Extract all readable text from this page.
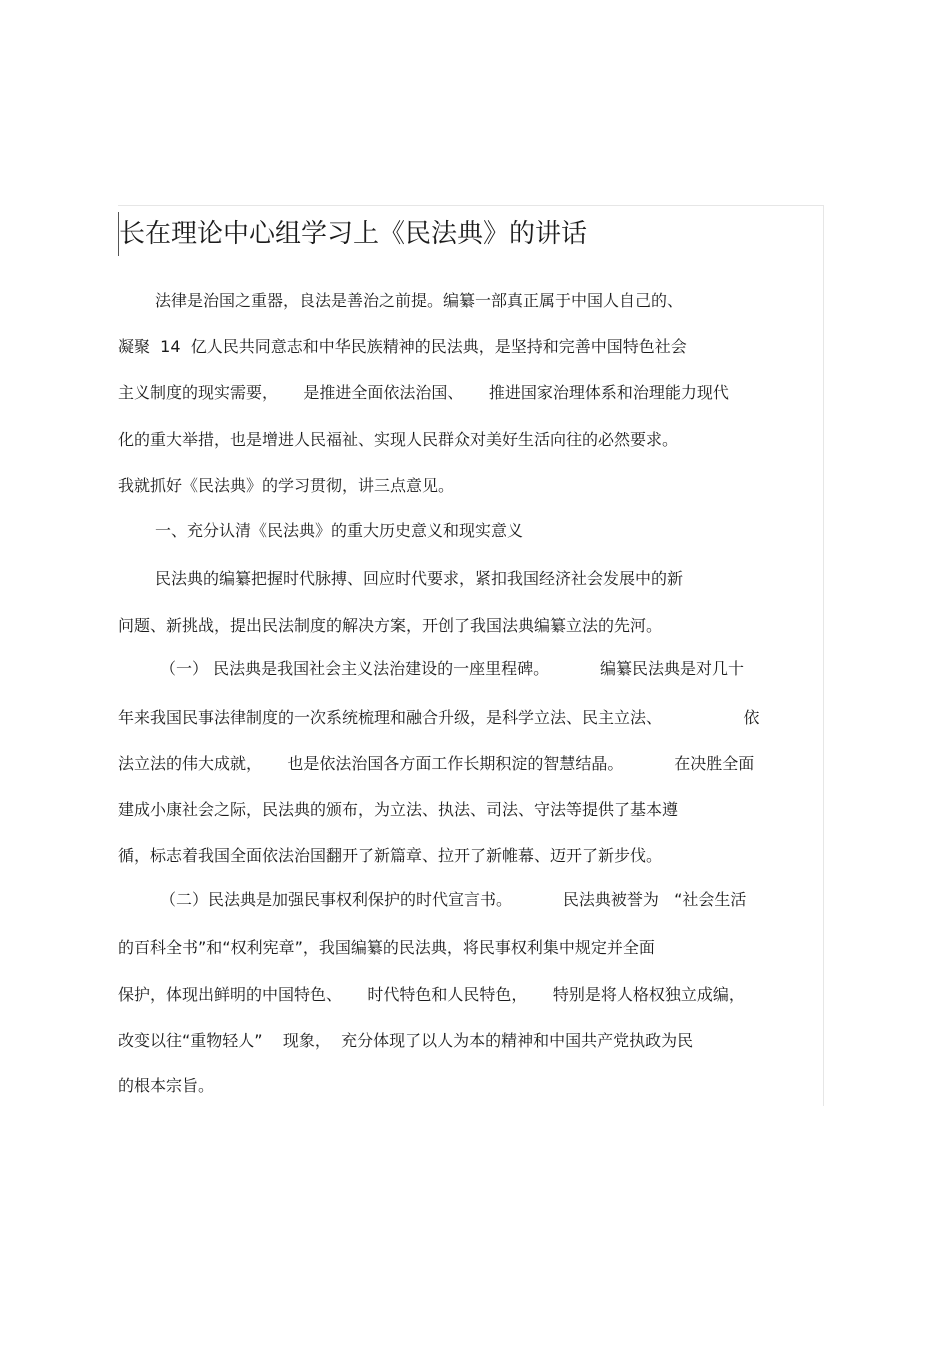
长在理论中心组学习上《民法典》的讲话

法律是治国之重器，良法是善治之前提。编纂一部真正属于中国人自己的、

凝聚  14  亿人民共同意志和中华民族精神的民法典，是坚持和完善中国特色社会

主义制度的现实需要，     是推进全面依法治国、     推进国家治理体系和治理能力现代

化的重大举措，也是增进人民福祉、实现人民群众对美好生活向往的必然要求。

我就抓好《民法典》的学习贯彻，讲三点意见。

一、充分认清《民法典》的重大历史意义和现实意义

民法典的编纂把握时代脉搏、回应时代要求，紧扣我国经济社会发展中的新

问题、新挑战，提出民法制度的解决方案，开创了我国法典编纂立法的先河。

（一） 民法典是我国社会主义法治建设的一座里程碑。          编纂民法典是对几十

年来我国民事法律制度的一次系统梳理和融合升级，是科学立法、民主立法、                依

法立法的伟大成就，     也是依法治国各方面工作长期积淀的智慧结晶。          在决胜全面

建成小康社会之际，民法典的颁布，为立法、执法、司法、守法等提供了基本遵

循，标志着我国全面依法治国翻开了新篇章、拉开了新帷幕、迈开了新步伐。

（二）民法典是加强民事权利保护的时代宣言书。          民法典被誉为   “社会生活

的百科全书”和“权利宪章”，我国编纂的民法典，将民事权利集中规定并全面

保护，体现出鲜明的中国特色、     时代特色和人民特色，     特别是将人格权独立成编，

改变以往“重物轻人”    现象，  充分体现了以人为本的精神和中国共产党执政为民

的根本宗旨。
